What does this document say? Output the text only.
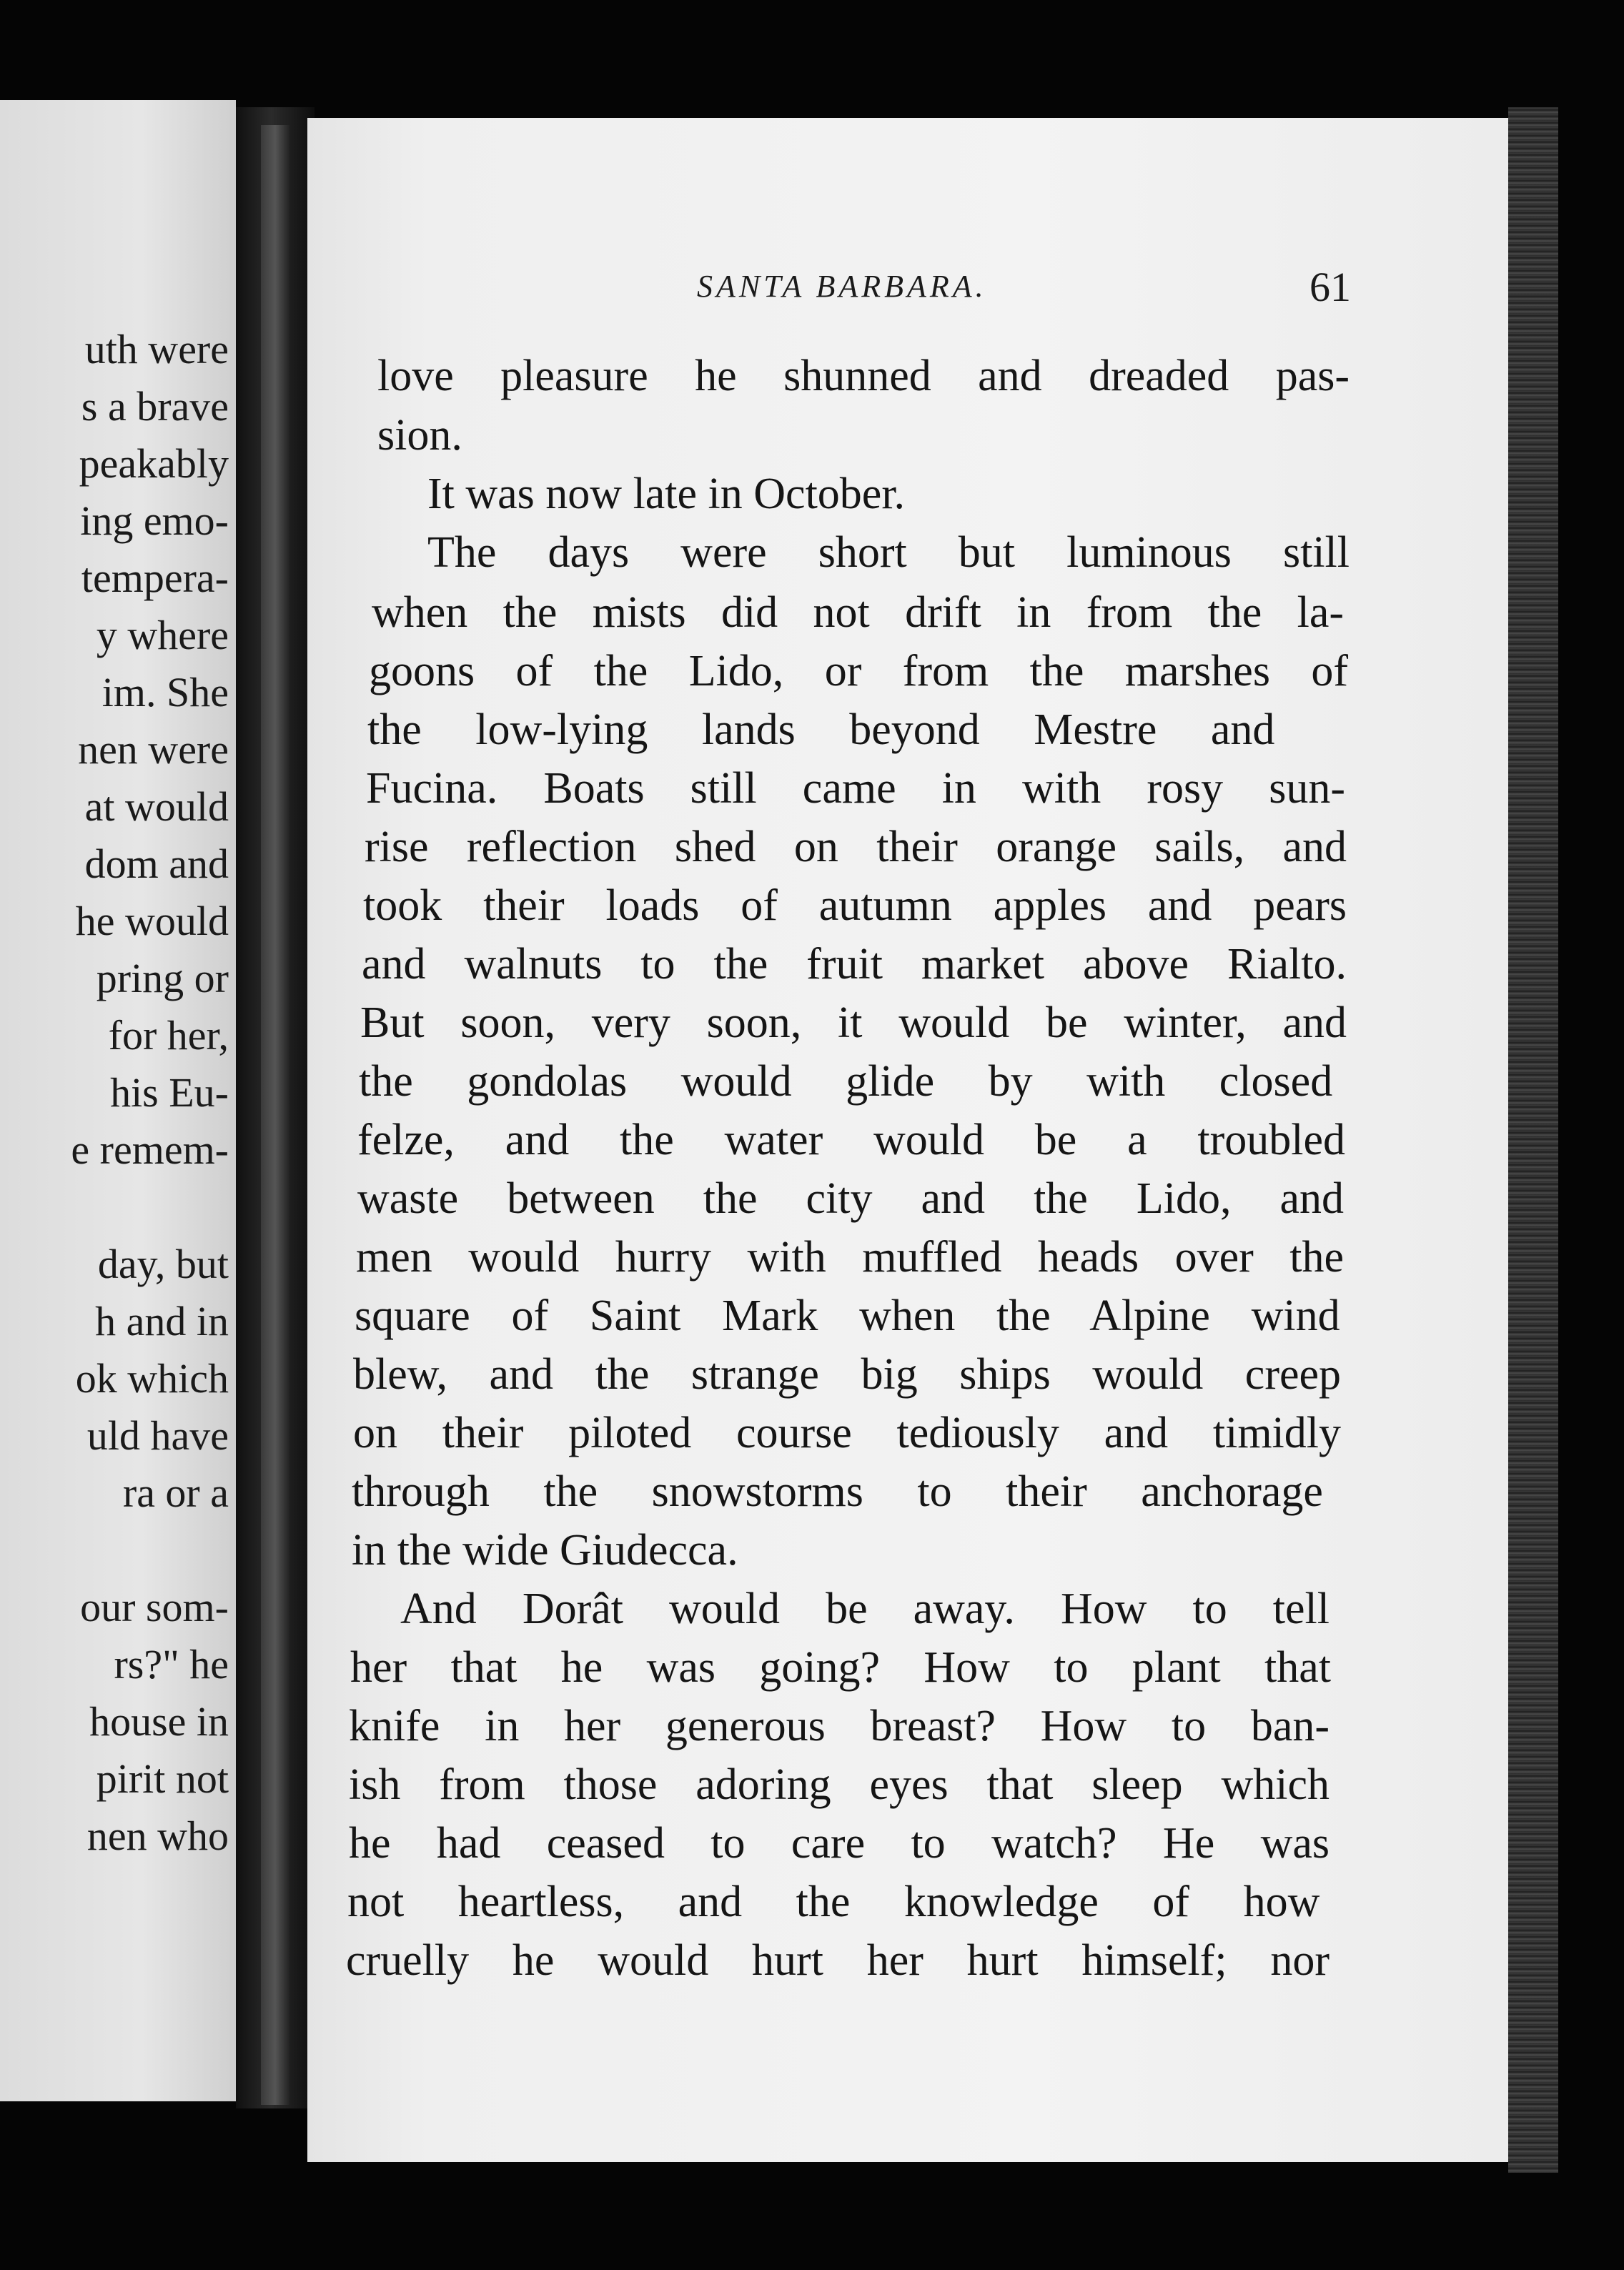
uth were
s a brave
peakably
ing emo-
tempera-
y where
im. She
nen were
at would
dom and
he would
pring or
for her,
his Eu-
e remem-
day, but
h and in
ok which
uld have
ra or a
our som-
rs?" he
house in
pirit not
nen who
SANTA BARBARA.	61
love pleasure he shunned and dreaded pas-
sion.
It was now late in October.
The days were short but luminous still
when the mists did not drift in from the la-
goons of the Lido, or from the marshes of
the low-lying lands beyond Mestre and
Fucina. Boats still came in with rosy sun-
rise reflection shed on their orange sails, and
took their loads of autumn apples and pears
and walnuts to the fruit market above Rialto.
But soon, very soon, it would be winter, and
the gondolas would glide by with closed
felze, and the water would be a troubled
waste between the city and the Lido, and
men would hurry with muffled heads over the
square of Saint Mark when the Alpine wind
blew, and the strange big ships would creep
on their piloted course tediously and timidly
through the snowstorms to their anchorage
in the wide Giudecca.
And Dorât would be away. How to tell
her that he was going? How to plant that
knife in her generous breast? How to ban-
ish from those adoring eyes that sleep which
he had ceased to care to watch? He was
not heartless, and the knowledge of how
cruelly he would hurt her hurt himself; nor
